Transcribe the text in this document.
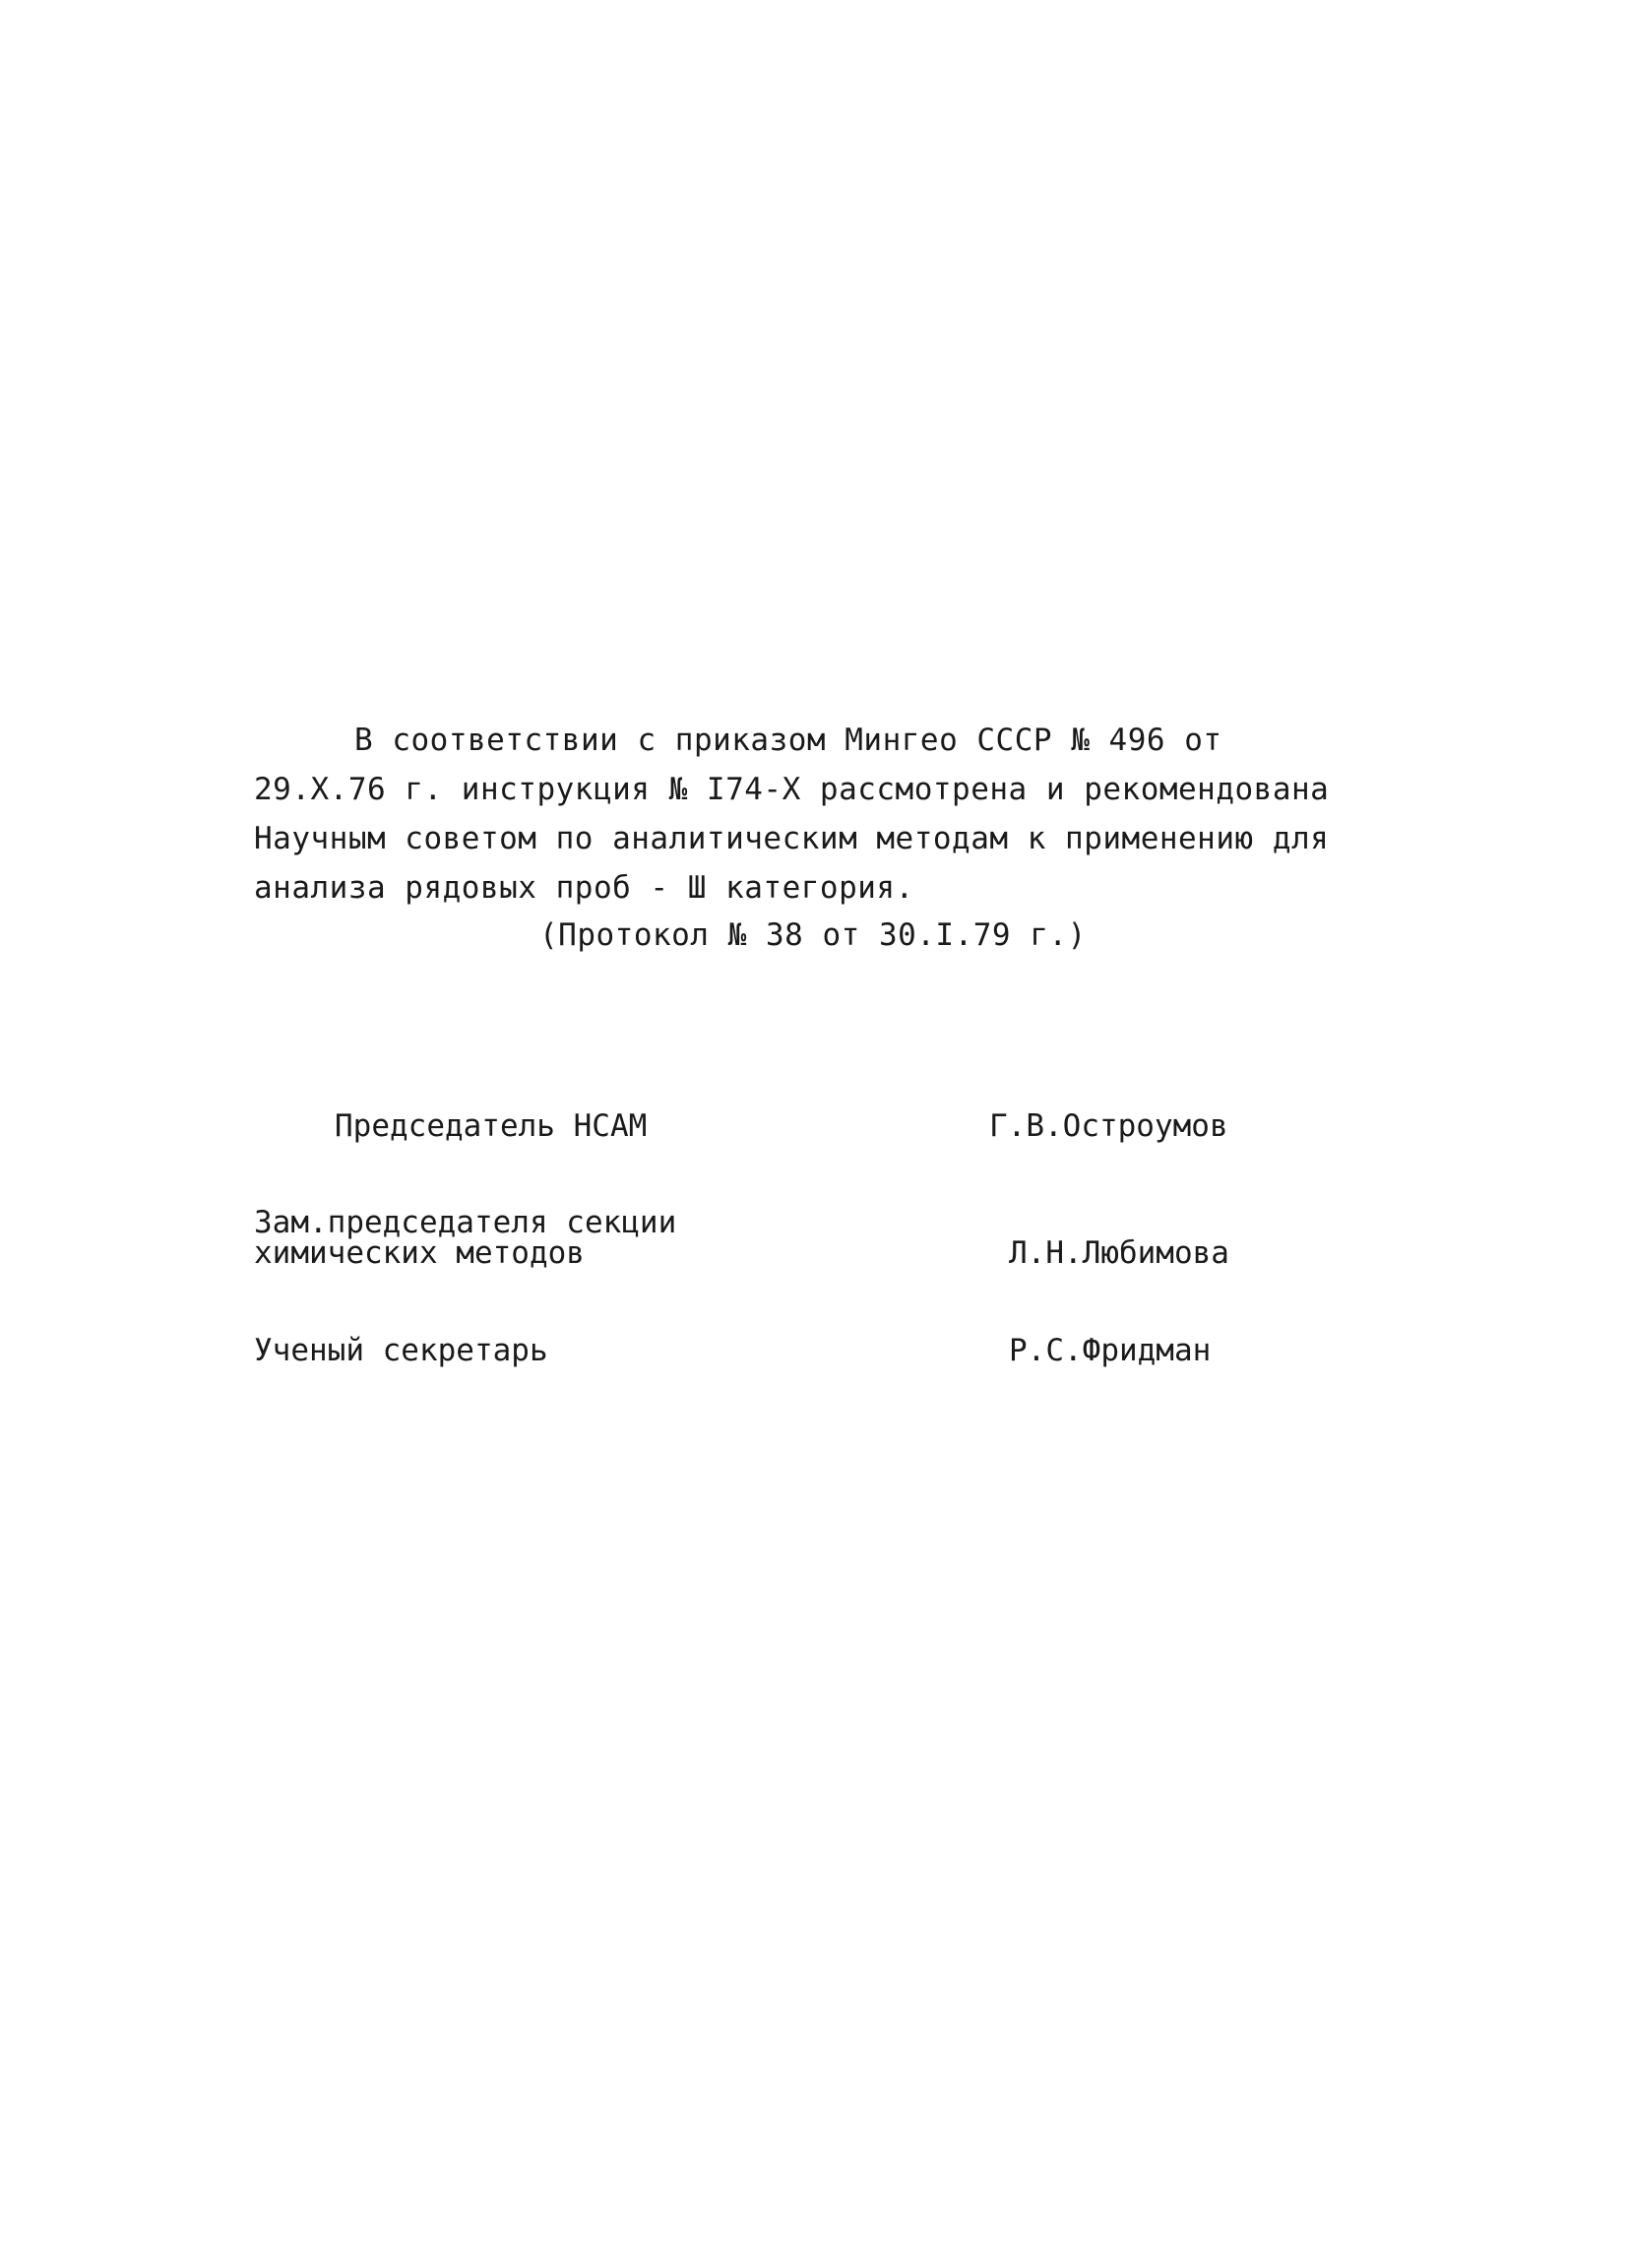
В соответствии с приказом Мингео СССР № 496 от
29.X.76 г. инструкция № I74-X рассмотрена и рекомендована
Научным советом по аналитическим методам к применению для
анализа рядовых проб - Ш категория.
(Протокол № 38 от 30.I.79 г.)
Председатель НСАМ	Г.В.Остроумов
Зам.председателя секции
химических методов	Л.Н.Любимова
Ученый секретарь	Р.С.Фридман
